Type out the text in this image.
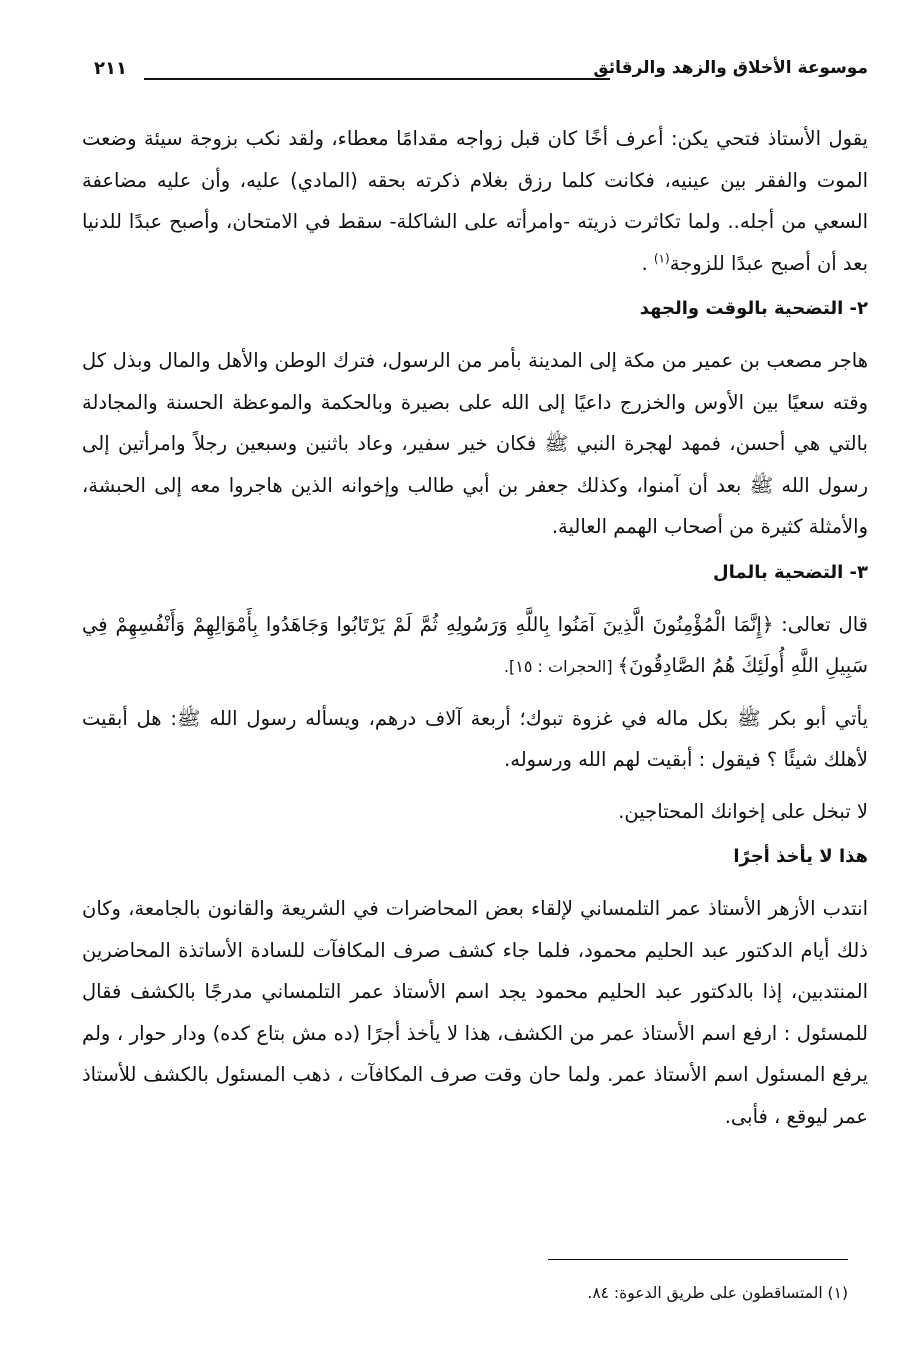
موسوعة الأخلاق والزهد والرقائق
٢١١

يقول الأستاذ فتحي يكن: أعرف أخًا كان قبل زواجه مقدامًا معطاء، ولقد نكب بزوجة سيئة وضعت الموت والفقر بين عينيه، فكانت كلما رزق بغلام ذكرته بحقه (المادي) عليه، وأن عليه مضاعفة السعي من أجله.. ولما تكاثرت ذريته -وامرأته على الشاكلة- سقط في الامتحان، وأصبح عبدًا للدنيا بعد أن أصبح عبدًا للزوجة$^{(١)}$ .

٢- التضحية بالوقت والجهد

هاجر مصعب بن عمير من مكة إلى المدينة بأمر من الرسول، فترك الوطن والأهل والمال وبذل كل وقته سعيًا بين الأوس والخزرج داعيًا إلى الله على بصيرة وبالحكمة والموعظة الحسنة والمجادلة بالتي هي أحسن، فمهد لهجرة النبي ﷺ فكان خير سفير، وعاد باثنين وسبعين رجلاً وامرأتين إلى رسول الله ﷺ بعد أن آمنوا، وكذلك جعفر بن أبي طالب وإخوانه الذين هاجروا معه إلى الحبشة، والأمثلة كثيرة من أصحاب الهمم العالية.

٣- التضحية بالمال

قال تعالى: ﴿إِنَّمَا الْمُؤْمِنُونَ الَّذِينَ آمَنُوا بِاللَّهِ وَرَسُولِهِ ثُمَّ لَمْ يَرْتَابُوا وَجَاهَدُوا بِأَمْوَالِهِمْ وَأَنْفُسِهِمْ فِي سَبِيلِ اللَّهِ أُولَئِكَ هُمُ الصَّادِقُونَ﴾ [الحجرات : ١٥].

يأتي أبو بكر ﷺ بكل ماله في غزوة تبوك؛ أربعة آلاف درهم، ويسأله رسول الله ﷺ: هل أبقيت لأهلك شيئًا ؟ فيقول : أبقيت لهم الله ورسوله.

لا تبخل على إخوانك المحتاجين.

هذا لا يأخذ أجرًا

انتدب الأزهر الأستاذ عمر التلمساني لإلقاء بعض المحاضرات في الشريعة والقانون بالجامعة، وكان ذلك أيام الدكتور عبد الحليم محمود، فلما جاء كشف صرف المكافآت للسادة الأساتذة المحاضرين المنتدبين، إذا بالدكتور عبد الحليم محمود يجد اسم الأستاذ عمر التلمساني مدرجًا بالكشف فقال للمسئول : ارفع اسم الأستاذ عمر من الكشف، هذا لا يأخذ أجرًا (ده مش بتاع كده) ودار حوار ، ولم يرفع المسئول اسم الأستاذ عمر. ولما حان وقت صرف المكافآت ، ذهب المسئول بالكشف للأستاذ عمر ليوقع ، فأبى.

(١) المتساقطون على طريق الدعوة: ٨٤.
